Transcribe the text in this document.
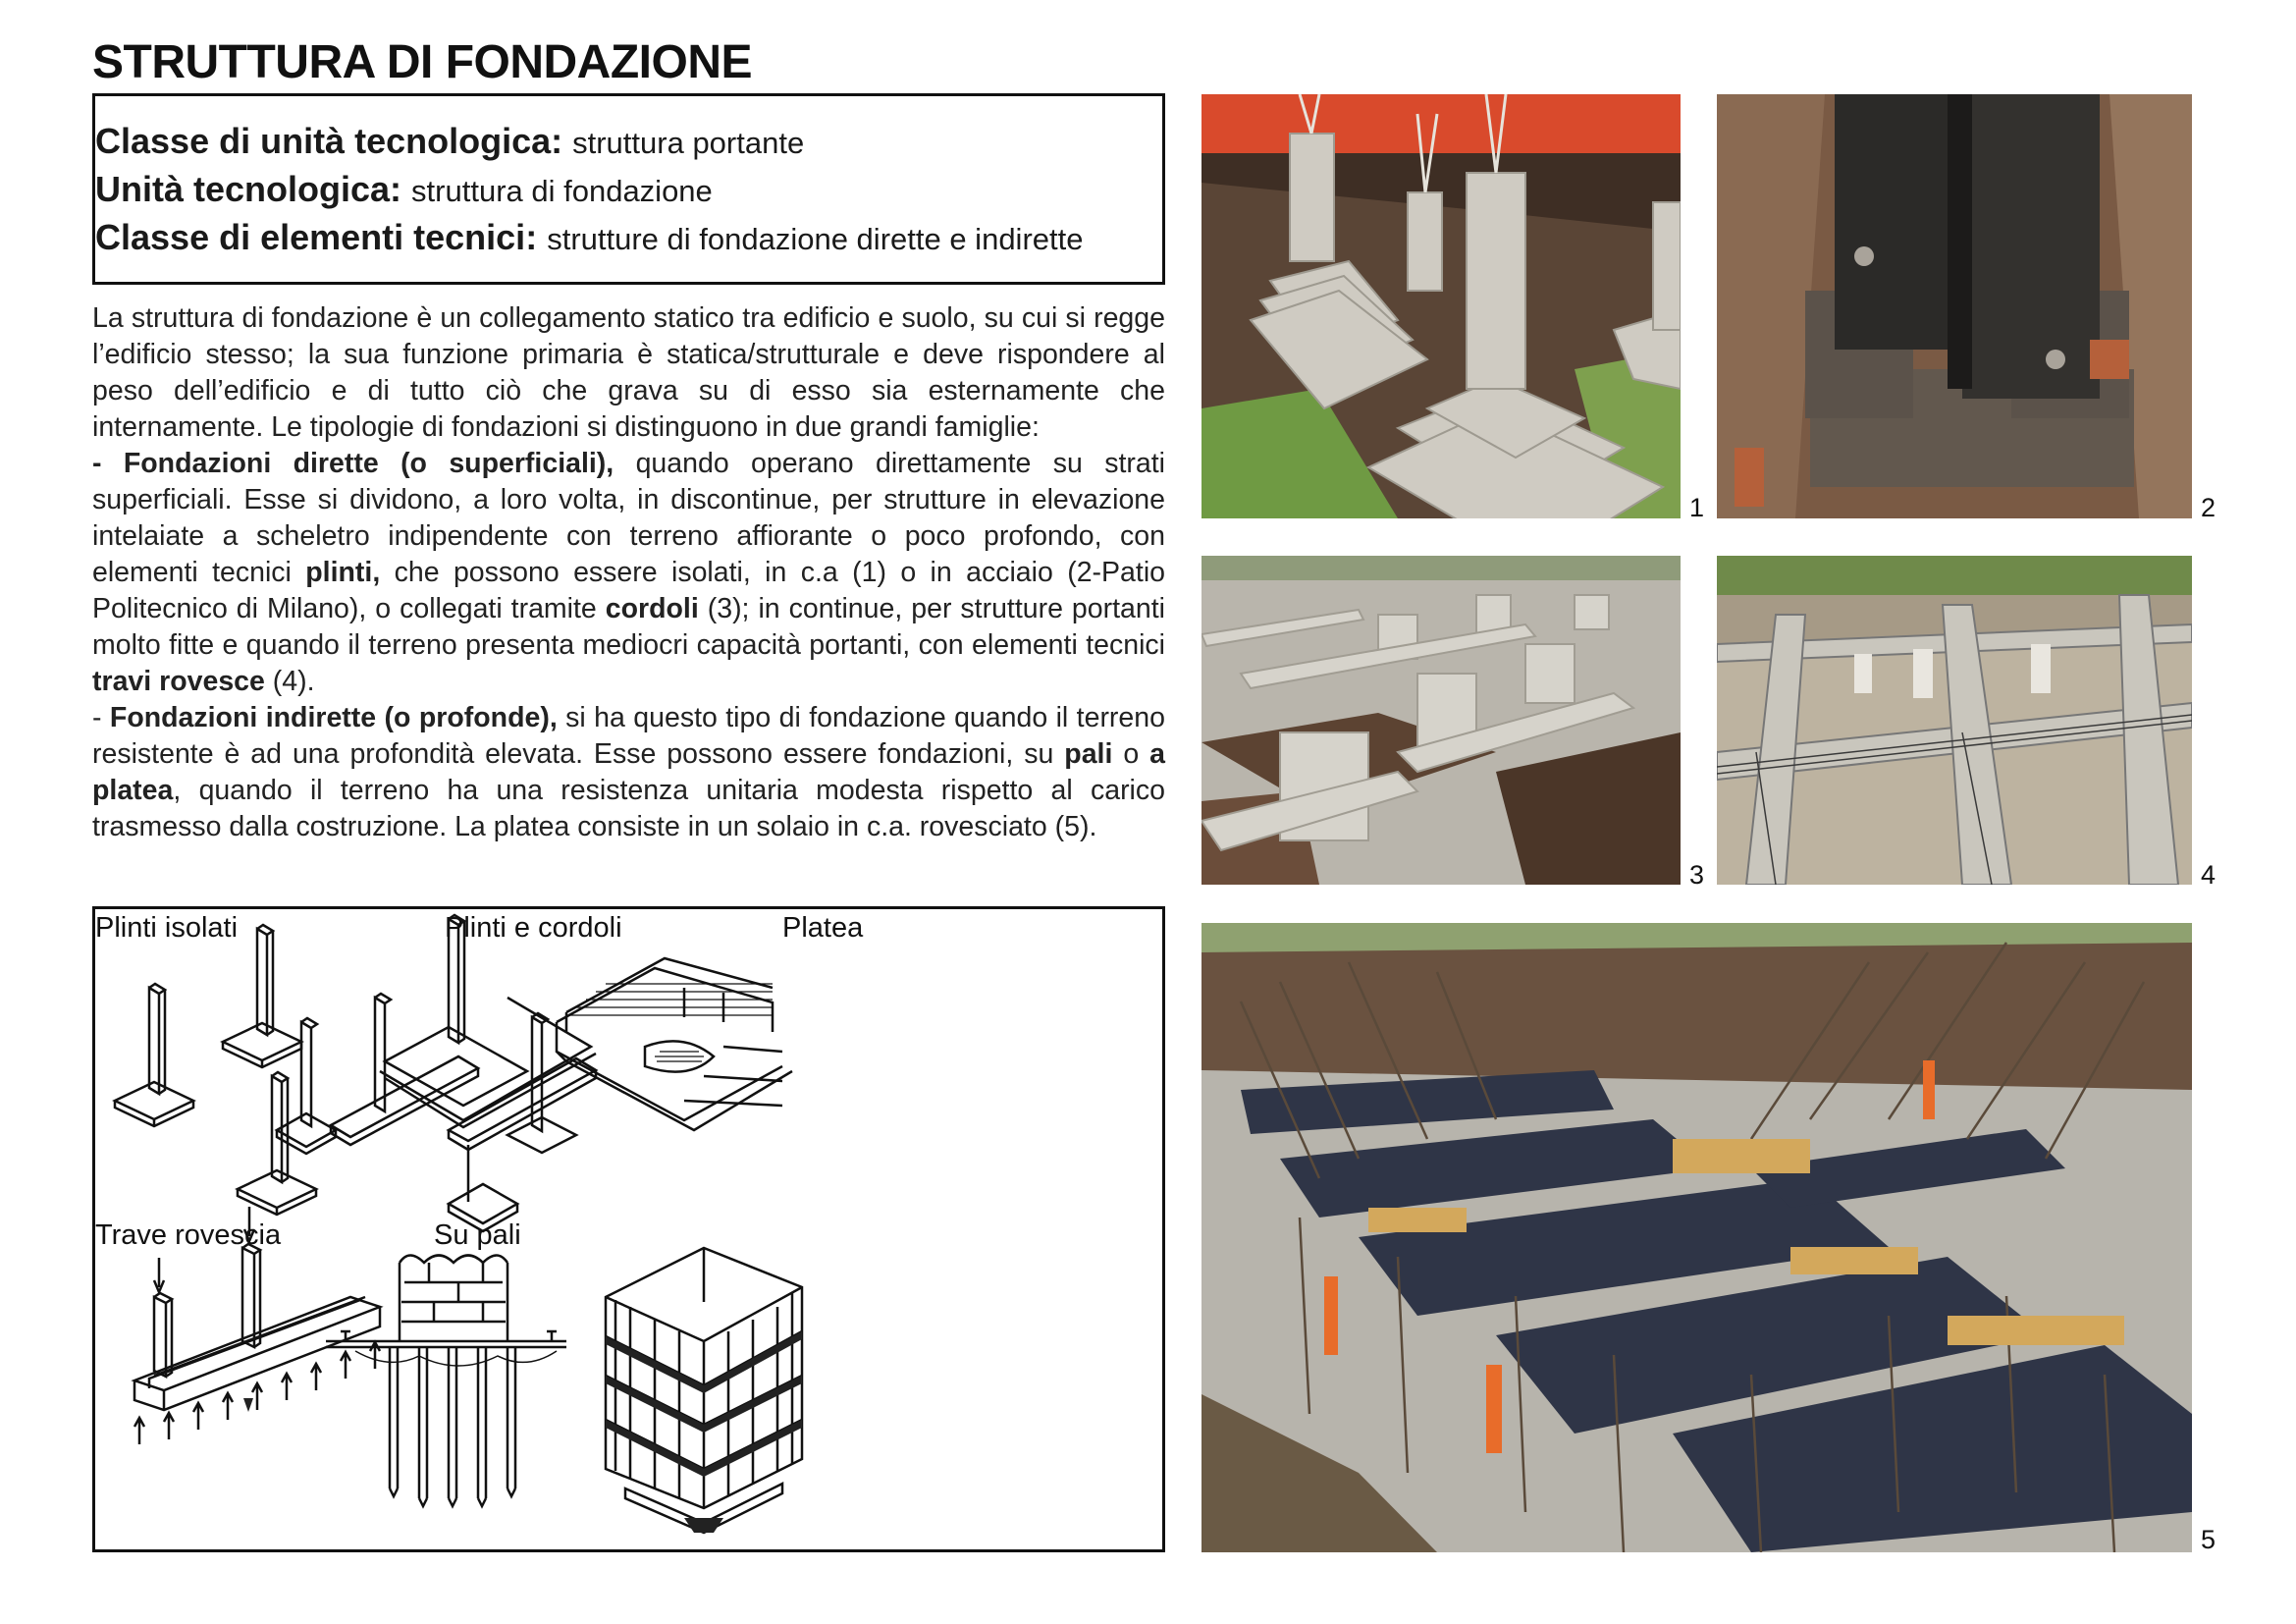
STRUTTURA DI FONDAZIONE
Classe di unità tecnologica: struttura portante
Unità tecnologica: struttura di fondazione
Classe di elementi tecnici: strutture di fondazione dirette e indirette

La struttura di fondazione è un collegamento statico tra edificio e suolo, su cui si regge l’edificio stesso; la sua funzione primaria è statica/strutturale e deve rispondere al peso dell’edificio e di tutto ciò che grava su di esso sia esternamente che internamente. Le tipologie di fondazioni si distinguono in due grandi famiglie:

- Fondazioni dirette (o superficiali), quando operano direttamente su strati superficiali. Esse si dividono, a loro volta, in discontinue, per strutture in elevazione intelaiate a scheletro indipendente con terreno affiorante o poco profondo, con elementi tecnici plinti, che possono essere isolati, in c.a (1) o in acciaio (2-Patio Politecnico di Milano), o collegati tramite cordoli (3); in continue, per strutture portanti molto fitte e quando il terreno presenta mediocri capacità portanti, con elementi tecnici travi rovesce (4).

- Fondazioni indirette (o profonde), si ha questo tipo di fondazione quando il terreno resistente è ad una profondità elevata. Esse possono essere fondazioni, su pali o a platea, quando il terreno ha una resistenza unitaria modesta rispetto al carico trasmesso dalla costruzione. La platea consiste in un solaio in c.a. rovesciato (5).

Plinti isolati	Plinti e cordoli	Platea
Trave rovescia	Su pali
1	2
3	4
5
